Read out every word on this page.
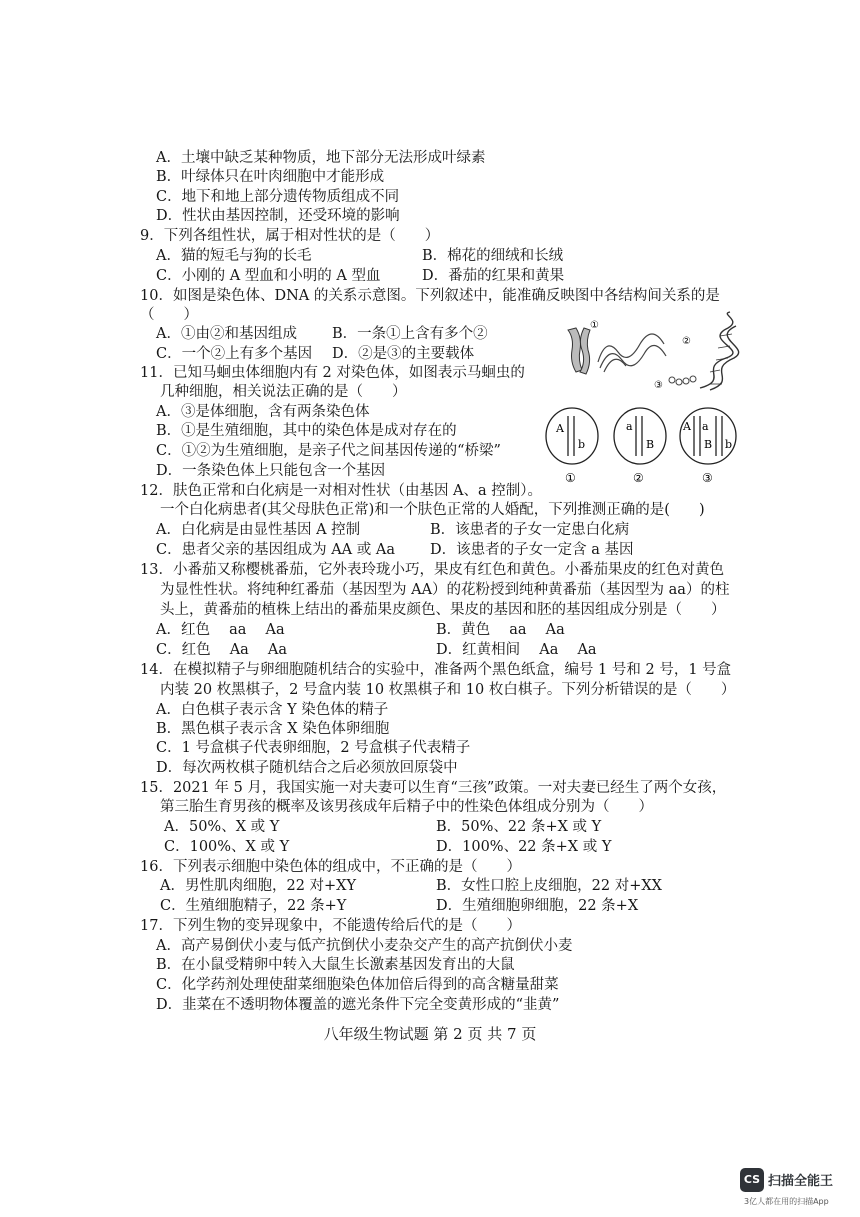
A．土壤中缺乏某种物质，地下部分无法形成叶绿素
B．叶绿体只在叶肉细胞中才能形成
C．地下和地上部分遗传物质组成不同
D．性状由基因控制，还受环境的影响
9．下列各组性状，属于相对性状的是（　　）
A．猫的短毛与狗的长毛	B．棉花的细绒和长绒
C．小刚的 A 型血和小明的 A 型血	D．番茄的红果和黄果
10．如图是染色体、DNA 的关系示意图。下列叙述中，能准确反映图中各结构间关系的是
（　　）
A．①由②和基因组成 B．一条①上含有多个②
C．一个②上有多个基因 D．②是③的主要载体
11．已知马蛔虫体细胞内有 2 对染色体，如图表示马蛔虫的
几种细胞，相关说法正确的是（　　）
A．③是体细胞，含有两条染色体
B．①是生殖细胞，其中的染色体是成对存在的
C．①②为生殖细胞，是亲子代之间基因传递的“桥梁”
D．一条染色体上只能包含一个基因
12．肤色正常和白化病是一对相对性状（由基因 A、a 控制）。
一个白化病患者(其父母肤色正常)和一个肤色正常的人婚配，下列推测正确的是(　　)
A．白化病是由显性基因 A 控制	B．该患者的子女一定患白化病
C．患者父亲的基因组成为 AA 或 Aa D．该患者的子女一定含 a 基因
13．小番茄又称樱桃番茄，它外表玲珑小巧，果皮有红色和黄色。小番茄果皮的红色对黄色
为显性性状。将纯种红番茄（基因型为 AA）的花粉授到纯种黄番茄（基因型为 aa）的柱
头上，黄番茄的植株上结出的番茄果皮颜色、果皮的基因和胚的基因组成分别是（　　）
A．红色　 aa　 Aa	B．黄色　 aa　 Aa
C．红色　 Aa　 Aa	D．红黄相间　 Aa　 Aa
14．在模拟精子与卵细胞随机结合的实验中，准备两个黑色纸盒，编号 1 号和 2 号，1 号盒
内装 20 枚黑棋子，2 号盒内装 10 枚黑棋子和 10 枚白棋子。下列分析错误的是（　　）
A．白色棋子表示含 Y 染色体的精子
B．黑色棋子表示含 X 染色体卵细胞
C．1 号盒棋子代表卵细胞，2 号盒棋子代表精子
D．每次两枚棋子随机结合之后必须放回原袋中
15．2021 年 5 月，我国实施一对夫妻可以生育“三孩”政策。一对夫妻已经生了两个女孩，
第三胎生育男孩的概率及该男孩成年后精子中的性染色体组成分别为（　　）
A．50%、X 或 Y	B．50%、22 条+X 或 Y
C．100%、X 或 Y	D．100%、22 条+X 或 Y
16．下列表示细胞中染色体的组成中，不正确的是（　　）
A．男性肌肉细胞，22 对+XY	B．女性口腔上皮细胞，22 对+XX
C．生殖细胞精子，22 条+Y	D．生殖细胞卵细胞，22 条+X
17．下列生物的变异现象中，不能遗传给后代的是（　　）
A．高产易倒伏小麦与低产抗倒伏小麦杂交产生的高产抗倒伏小麦
B．在小鼠受精卵中转入大鼠生长激素基因发育出的大鼠
C．化学药剂处理使甜菜细胞染色体加倍后得到的高含糖量甜菜
D．韭菜在不透明物体覆盖的遮光条件下完全变黄形成的“韭黄”
①
②
③
A
b
①
a
B
②
A a
B b
③
八年级生物试题 第 2 页 共 7 页
CS 扫描全能王
3亿人都在用的扫描App
